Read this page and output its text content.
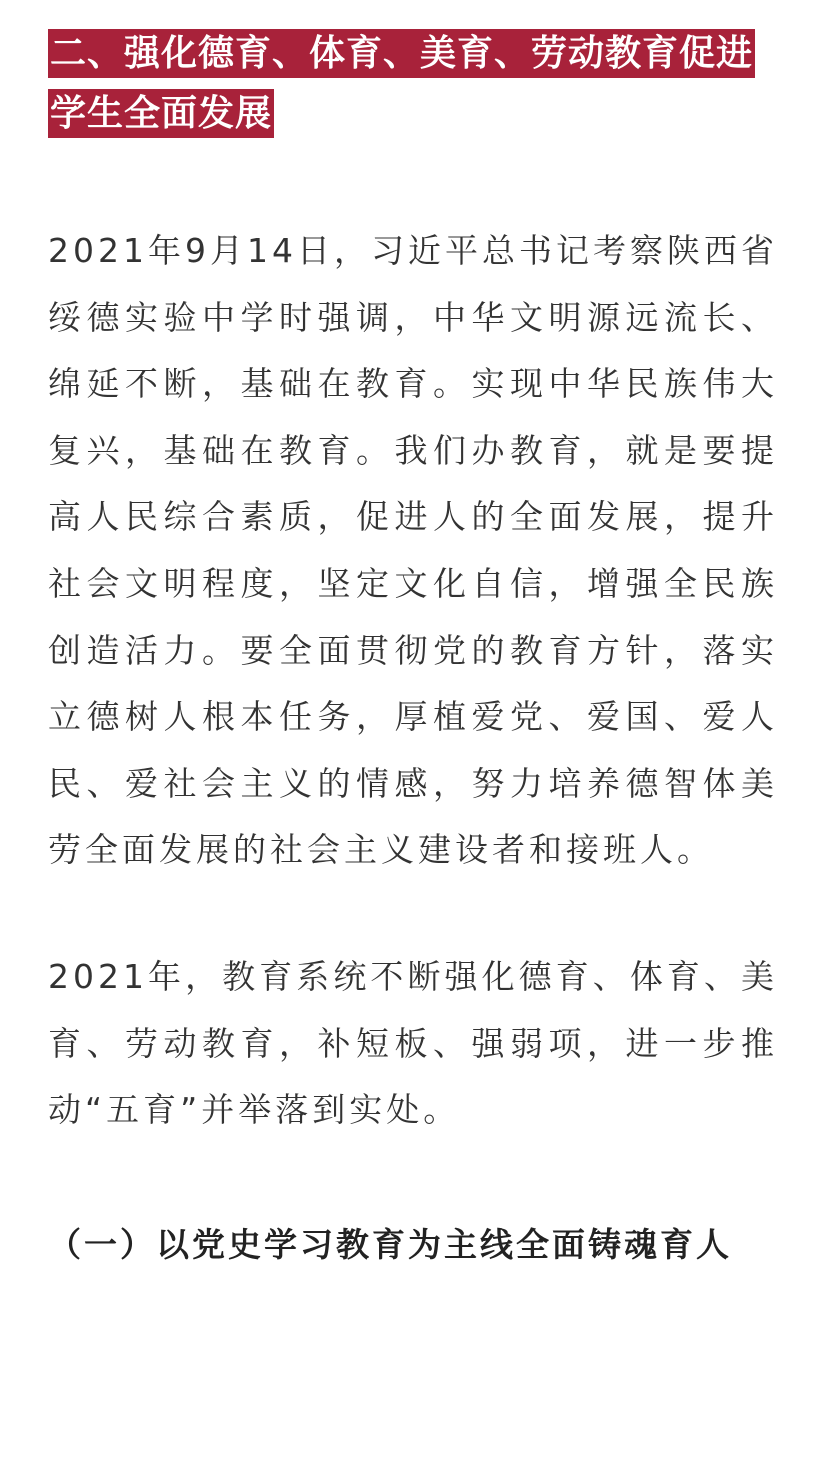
二、强化德育、体育、美育、劳动教育促进学生全面发展

2021年9月14日，习近平总书记考察陕西省绥德实验中学时强调，中华文明源远流长、绵延不断，基础在教育。实现中华民族伟大复兴，基础在教育。我们办教育，就是要提高人民综合素质，促进人的全面发展，提升社会文明程度，坚定文化自信，增强全民族创造活力。要全面贯彻党的教育方针，落实立德树人根本任务，厚植爱党、爱国、爱人民、爱社会主义的情感，努力培养德智体美劳全面发展的社会主义建设者和接班人。

2021年，教育系统不断强化德育、体育、美育、劳动教育，补短板、强弱项，进一步推动“五育”并举落到实处。

（一）以党史学习教育为主线全面铸魂育人
